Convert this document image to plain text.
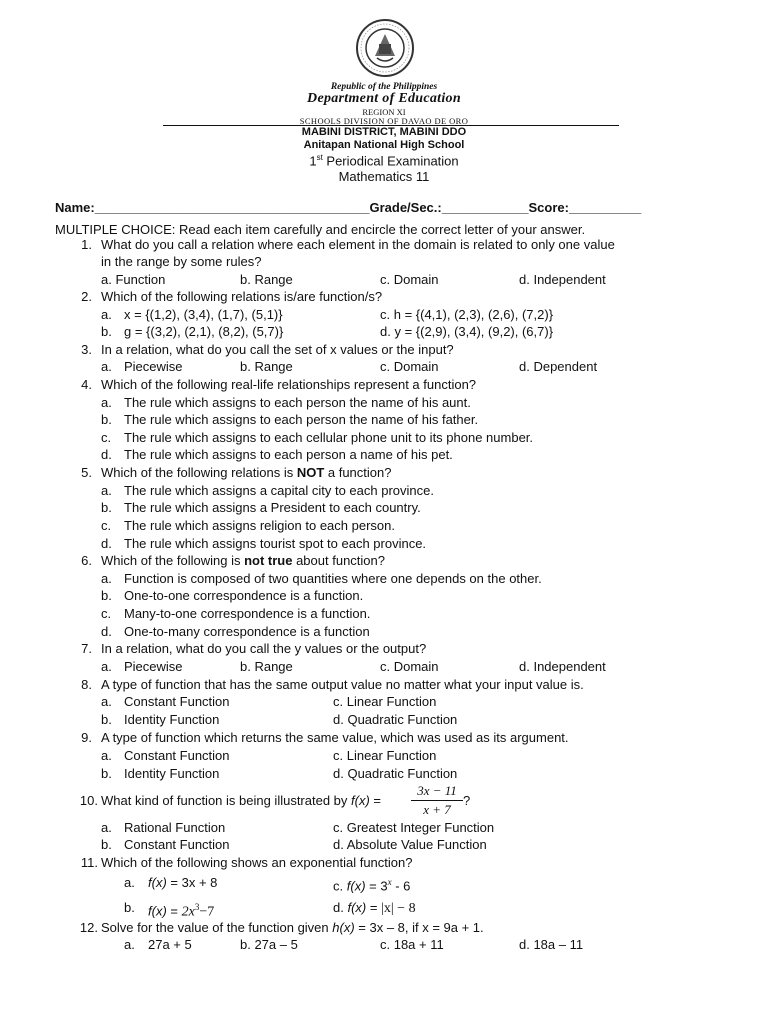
Republic of the Philippines
Department of Education
REGION XI
SCHOOLS DIVISION OF DAVAO DE ORO
MABINI DISTRICT, MABINI DDO
Anitapan National High School
1st Periodical Examination
Mathematics 11
Name:______________________________________Grade/Sec.:____________Score:__________
MULTIPLE CHOICE: Read each item carefully and encircle the correct letter of your answer.
1. What do you call a relation where each element in the domain is related to only one value
in the range by some rules?
a. Function	b. Range	c. Domain	d. Independent
2. Which of the following relations is/are function/s?
a. x = {(1,2), (3,4), (1,7), (5,1)}	c. h = {(4,1), (2,3), (2,6), (7,2)}
b. g = {(3,2), (2,1), (8,2), (5,7)}	d. y = {(2,9), (3,4), (9,2), (6,7)}
3. In a relation, what do you call the set of x values or the input?
a. Piecewise	b. Range	c. Domain	d. Dependent
4. Which of the following real-life relationships represent a function?
a. The rule which assigns to each person the name of his aunt.
b. The rule which assigns to each person the name of his father.
c. The rule which assigns to each cellular phone unit to its phone number.
d. The rule which assigns to each person a name of his pet.
5. Which of the following relations is NOT a function?
a. The rule which assigns a capital city to each province.
b. The rule which assigns a President to each country.
c. The rule which assigns religion to each person.
d. The rule which assigns tourist spot to each province.
6. Which of the following is not true about function?
a. Function is composed of two quantities where one depends on the other.
b. One-to-one correspondence is a function.
c. Many-to-one correspondence is a function.
d. One-to-many correspondence is a function
7. In a relation, what do you call the y values or the output?
a. Piecewise	b. Range	c. Domain	d. Independent
8. A type of function that has the same output value no matter what your input value is.
a. Constant Function	c. Linear Function
b. Identity Function	d. Quadratic Function
9. A type of function which returns the same value, which was used as its argument.
a. Constant Function	c. Linear Function
b. Identity Function	d. Quadratic Function
10. What kind of function is being illustrated by $f(x) = \frac{3x - 11}{x + 7}$ ?
a. Rational Function	c. Greatest Integer Function
b. Constant Function	d. Absolute Value Function
11. Which of the following shows an exponential function?
a. f(x) = 3x + 8	c. $f(x) = 3^x - 6$
b. $f(x) = 2x^3-7$	d. f(x) = |x| − 8
12. Solve for the value of the function given h(x) = 3x – 8, if x = 9a + 1.
a. 27a + 5	b. 27a – 5	c. 18a + 11	d. 18a – 11
